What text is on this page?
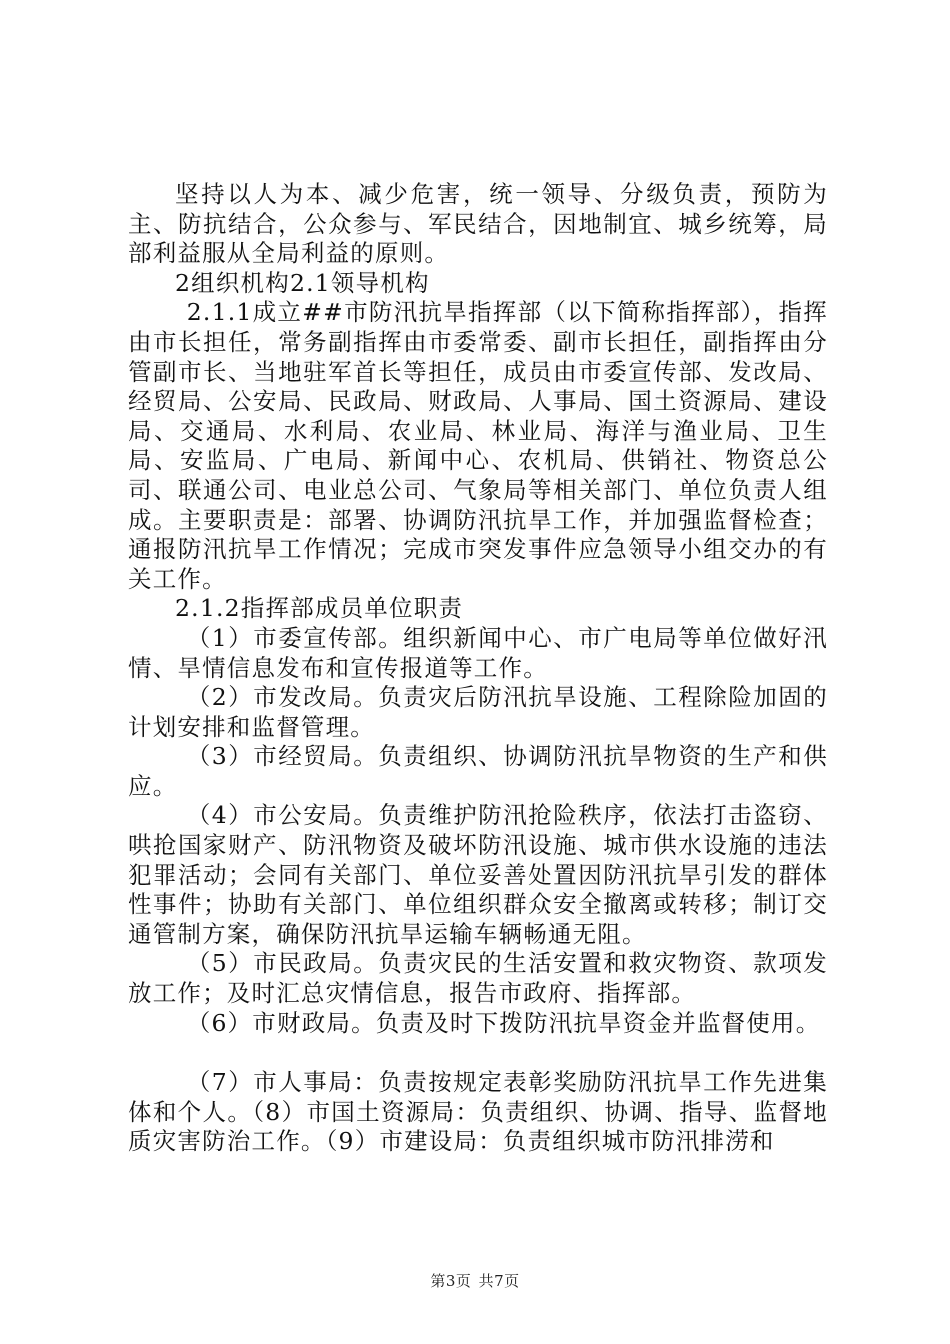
坚持以人为本、减少危害，统一领导、分级负责，预防为主、防抗结合，公众参与、军民结合，因地制宜、城乡统筹，局部利益服从全局利益的原则。

2组织机构2.1领导机构

2.1.1成立##市防汛抗旱指挥部（以下简称指挥部），指挥由市长担任，常务副指挥由市委常委、副市长担任，副指挥由分管副市长、当地驻军首长等担任，成员由市委宣传部、发改局、经贸局、公安局、民政局、财政局、人事局、国土资源局、建设局、交通局、水利局、农业局、林业局、海洋与渔业局、卫生局、安监局、广电局、新闻中心、农机局、供销社、物资总公司、联通公司、电业总公司、气象局等相关部门、单位负责人组成。主要职责是：部署、协调防汛抗旱工作，并加强监督检查；通报防汛抗旱工作情况；完成市突发事件应急领导小组交办的有关工作。

2.1.2指挥部成员单位职责

（1）市委宣传部。组织新闻中心、市广电局等单位做好汛情、旱情信息发布和宣传报道等工作。

（2）市发改局。负责灾后防汛抗旱设施、工程除险加固的计划安排和监督管理。

（3）市经贸局。负责组织、协调防汛抗旱物资的生产和供应。

（4）市公安局。负责维护防汛抢险秩序，依法打击盗窃、哄抢国家财产、防汛物资及破坏防汛设施、城市供水设施的违法犯罪活动；会同有关部门、单位妥善处置因防汛抗旱引发的群体性事件；协助有关部门、单位组织群众安全撤离或转移；制订交通管制方案，确保防汛抗旱运输车辆畅通无阻。

（5）市民政局。负责灾民的生活安置和救灾物资、款项发放工作；及时汇总灾情信息，报告市政府、指挥部。

（6）市财政局。负责及时下拨防汛抗旱资金并监督使用。

（7）市人事局：负责按规定表彰奖励防汛抗旱工作先进集体和个人。（8）市国土资源局：负责组织、协调、指导、监督地质灾害防治工作。（9）市建设局：负责组织城市防汛排涝和

第3页 共7页
